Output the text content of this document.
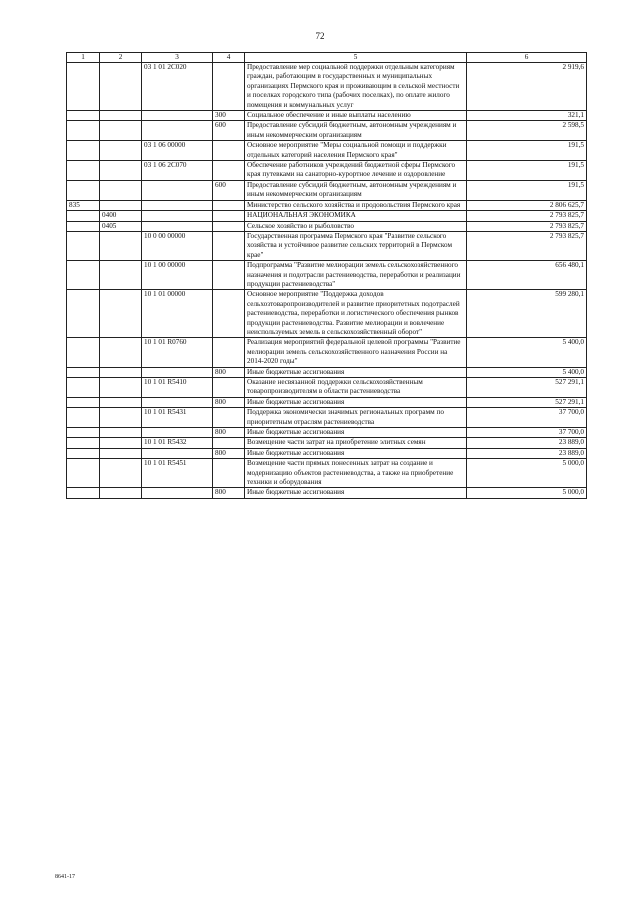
72
1	2	3	4	5	6
		03 1 01 2С020		Предоставление мер социальной поддержки отдельным категориям граждан, работающим в государственных и муниципальных организациях Пермского края и проживающим в сельской местности и поселках городского типа (рабочих поселках), по оплате жилого помещения и коммунальных услуг	2 919,6
			300	Социальное обеспечение и иные выплаты населению	321,1
			600	Предоставление субсидий бюджетным, автономным учреждениям и иным некоммерческим организациям	2 598,5
		03 1 06 00000		Основное мероприятие "Меры социальной помощи и поддержки отдельных категорий населения Пермского края"	191,5
		03 1 06 2С070		Обеспечение работников учреждений бюджетной сферы Пермского края путевками на санаторно-курортное лечение и оздоровление	191,5
			600	Предоставление субсидий бюджетным, автономным учреждениям и иным некоммерческим организациям	191,5
835				Министерство сельского хозяйства и продовольствия Пермского края	2 806 625,7
	0400			НАЦИОНАЛЬНАЯ ЭКОНОМИКА	2 793 825,7
	0405			Сельское хозяйство и рыболовство	2 793 825,7
		10 0 00 00000		Государственная программа Пермского края "Развитие сельского хозяйства и устойчивое развитие сельских территорий в Пермском крае"	2 793 825,7
		10 1 00 00000		Подпрограмма "Развитие мелиорации земель сельскохозяйственного назначения и подотрасли растениеводства, переработки и реализации продукции растениеводства"	656 480,1
		10 1 01 00000		Основное мероприятие "Поддержка доходов сельхозтоваропроизводителей и развитие приоритетных подотраслей растениеводства, переработки и логистического обеспечения рынков продукции растениеводства. Развитие мелиорации и вовлечение неиспользуемых земель в сельскохозяйственный оборот"	599 280,1
		10 1 01 R0760		Реализация мероприятий федеральной целевой программы "Развитие мелиорации земель сельскохозяйственного назначения России на 2014-2020 годы"	5 400,0
			800	Иные бюджетные ассигнования	5 400,0
		10 1 01 R5410		Оказание несвязанной поддержки сельскохозяйственным товаропроизводителям в области растениеводства	527 291,1
			800	Иные бюджетные ассигнования	527 291,1
		10 1 01 R5431		Поддержка экономически значимых региональных программ по приоритетным отраслям растениеводства	37 700,0
			800	Иные бюджетные ассигнования	37 700,0
		10 1 01 R5432		Возмещение части затрат на приобретение элитных семян	23 889,0
			800	Иные бюджетные ассигнования	23 889,0
		10 1 01 R5451		Возмещение части прямых понесенных затрат на создание и модернизацию объектов растениеводства, а также на приобретение техники и оборудования	5 000,0
			800	Иные бюджетные ассигнования	5 000,0
8641-17
